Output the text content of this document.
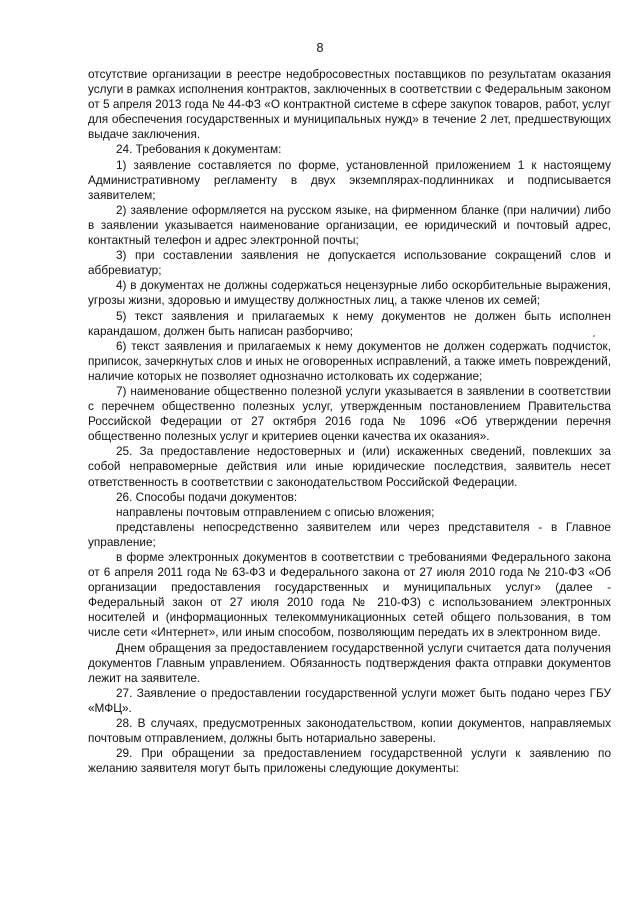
8

отсутствие организации в реестре недобросовестных поставщиков по результатам оказания услуги в рамках исполнения контрактов, заключенных в соответствии с Федеральным законом от 5 апреля 2013 года № 44-ФЗ «О контрактной системе в сфере закупок товаров, работ, услуг для обеспечения государственных и муниципальных нужд» в течение 2 лет, предшествующих выдаче заключения.

24. Требования к документам:

1) заявление составляется по форме, установленной приложением 1 к настоящему Административному регламенту в двух экземплярах-подлинниках и подписывается заявителем;

2) заявление оформляется на русском языке, на фирменном бланке (при наличии) либо в заявлении указывается наименование организации, ее юридический и почтовый адрес, контактный телефон и адрес электронной почты;

3) при составлении заявления не допускается использование сокращений слов и аббревиатур;

4) в документах не должны содержаться нецензурные либо оскорбительные выражения, угрозы жизни, здоровью и имуществу должностных лиц, а также членов их семей;

5) текст заявления и прилагаемых к нему документов не должен быть исполнен карандашом, должен быть написан разборчиво;

6) текст заявления и прилагаемых к нему документов не должен содержать подчисток, приписок, зачеркнутых слов и иных не оговоренных исправлений, а также иметь повреждений, наличие которых не позволяет однозначно истолковать их содержание;

7) наименование общественно полезной услуги указывается в заявлении в соответствии с перечнем общественно полезных услуг, утвержденным постановлением Правительства Российской Федерации от 27 октября 2016 года № 1096 «Об утверждении перечня общественно полезных услуг и критериев оценки качества их оказания».

25. За предоставление недостоверных и (или) искаженных сведений, повлекших за собой неправомерные действия или иные юридические последствия, заявитель несет ответственность в соответствии с законодательством Российской Федерации.

26. Способы подачи документов:

направлены почтовым отправлением с описью вложения;

представлены непосредственно заявителем или через представителя - в Главное управление;

в форме электронных документов в соответствии с требованиями Федерального закона от 6 апреля 2011 года № 63-ФЗ и Федерального закона от 27 июля 2010 года № 210-ФЗ «Об организации предоставления государственных и муниципальных услуг» (далее - Федеральный закон от 27 июля 2010 года № 210-ФЗ) с использованием электронных носителей и (информационных телекоммуникационных сетей общего пользования, в том числе сети «Интернет», или иным способом, позволяющим передать их в электронном виде.

Днем обращения за предоставлением государственной услуги считается дата получения документов Главным управлением. Обязанность подтверждения факта отправки документов лежит на заявителе.

27. Заявление о предоставлении государственной услуги может быть подано через ГБУ «МФЦ».

28. В случаях, предусмотренных законодательством, копии документов, направляемых почтовым отправлением, должны быть нотариально заверены.

29. При обращении за предоставлением государственной услуги к заявлению по желанию заявителя могут быть приложены следующие документы:
